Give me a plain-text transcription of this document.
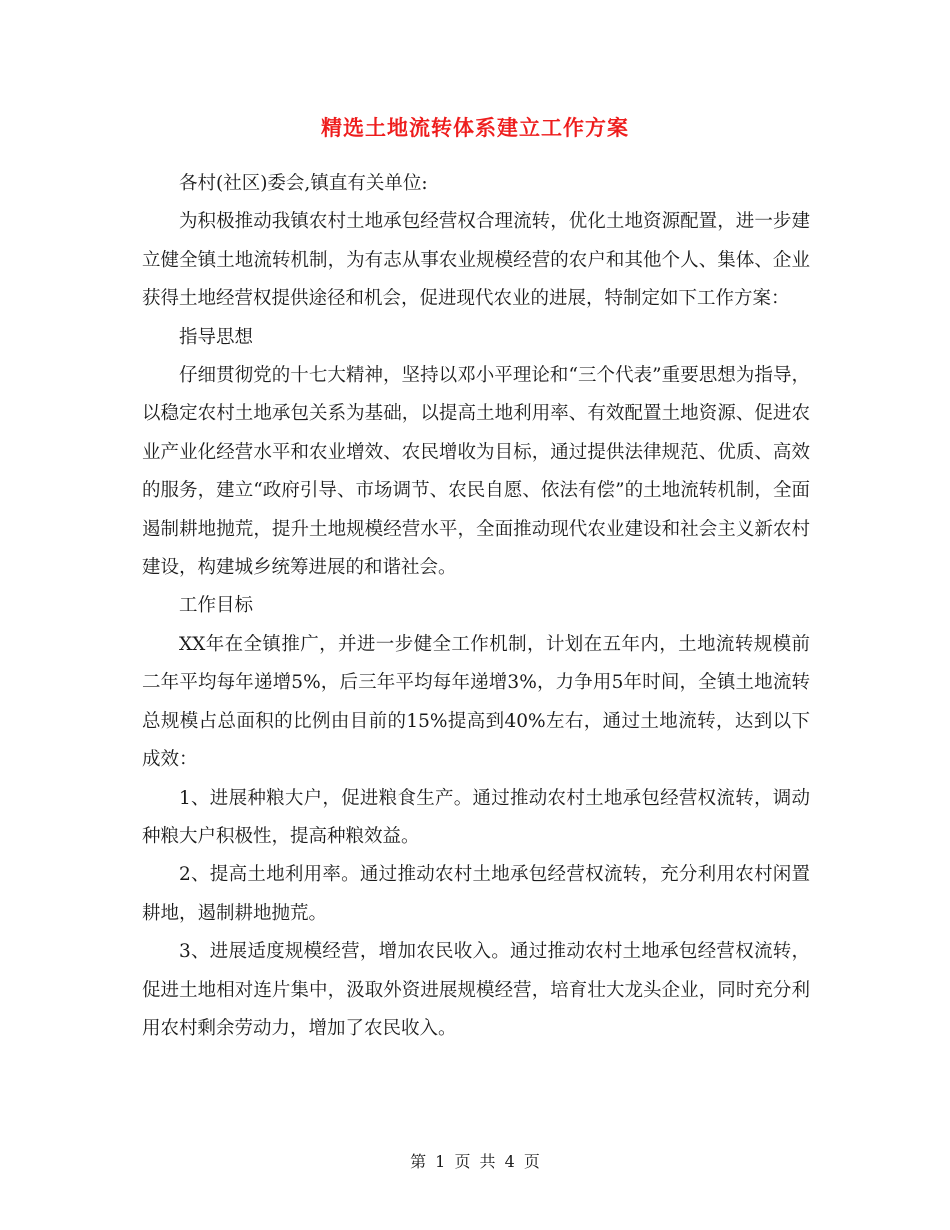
精选土地流转体系建立工作方案

各村(社区)委会,镇直有关单位:

为积极推动我镇农村土地承包经营权合理流转，优化土地资源配置，进一步建立健全镇土地流转机制，为有志从事农业规模经营的农户和其他个人、集体、企业获得土地经营权提供途径和机会，促进现代农业的进展，特制定如下工作方案：

指导思想

仔细贯彻党的十七大精神，坚持以邓小平理论和“三个代表”重要思想为指导，以稳定农村土地承包关系为基础，以提高土地利用率、有效配置土地资源、促进农业产业化经营水平和农业增效、农民增收为目标，通过提供法律规范、优质、高效的服务，建立“政府引导、市场调节、农民自愿、依法有偿”的土地流转机制，全面遏制耕地抛荒，提升土地规模经营水平，全面推动现代农业建设和社会主义新农村建设，构建城乡统筹进展的和谐社会。

工作目标

XX年在全镇推广，并进一步健全工作机制，计划在五年内，土地流转规模前二年平均每年递增5%，后三年平均每年递增3%，力争用5年时间，全镇土地流转总规模占总面积的比例由目前的15%提高到40%左右，通过土地流转，达到以下成效：

1、进展种粮大户，促进粮食生产。通过推动农村土地承包经营权流转，调动种粮大户积极性，提高种粮效益。

2、提高土地利用率。通过推动农村土地承包经营权流转，充分利用农村闲置耕地，遏制耕地抛荒。

3、进展适度规模经营，增加农民收入。通过推动农村土地承包经营权流转，促进土地相对连片集中，汲取外资进展规模经营，培育壮大龙头企业，同时充分利用农村剩余劳动力，增加了农民收入。

第 1 页 共 4 页
